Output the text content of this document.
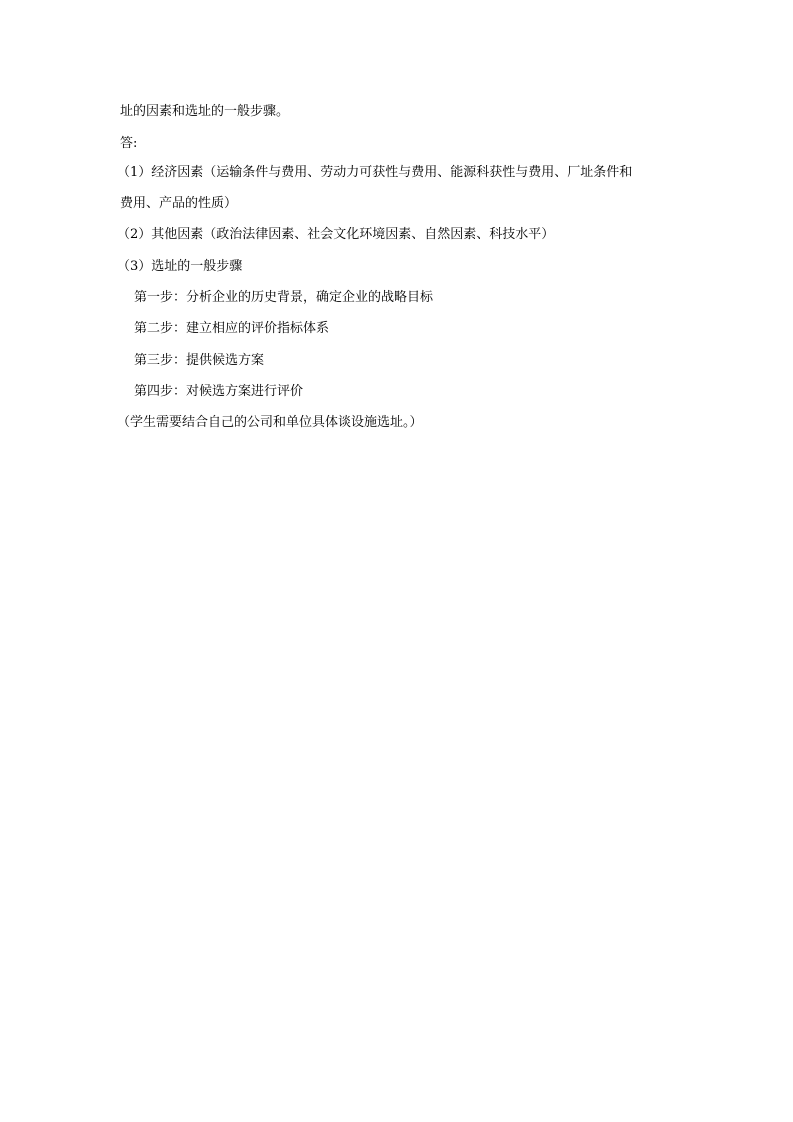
址的因素和选址的一般步骤。
答:
（1）经济因素（运输条件与费用、劳动力可获性与费用、能源科获性与费用、厂址条件和
费用、产品的性质）
（2）其他因素（政治法律因素、社会文化环境因素、自然因素、科技水平）
（3）选址的一般步骤
第一步：分析企业的历史背景，确定企业的战略目标
第二步：建立相应的评价指标体系
第三步：提供候选方案
第四步：对候选方案进行评价
（学生需要结合自己的公司和单位具体谈设施选址。）
